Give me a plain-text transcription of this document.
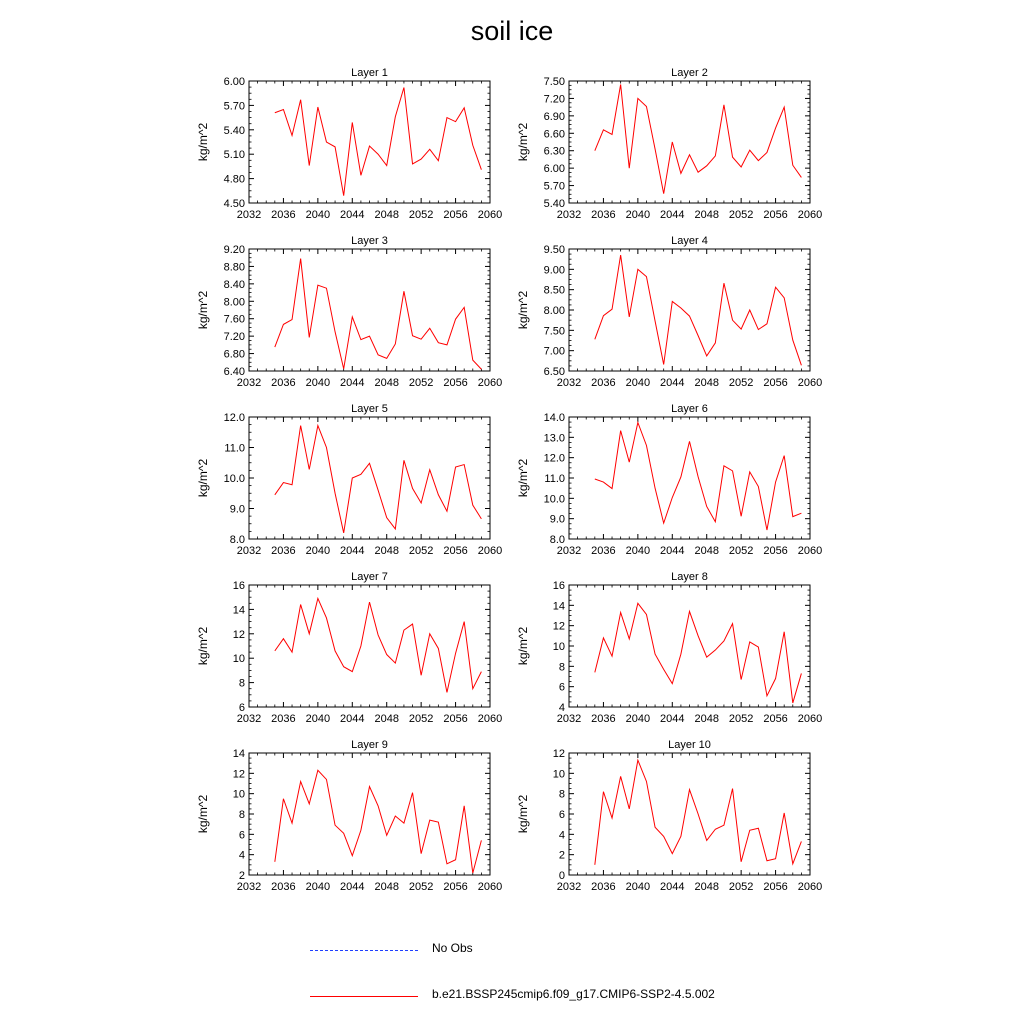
soil ice
Layer 1
2032 2036 2040 2044 2048 2052 2056 2060
4.50
4.80
5.10
5.40
5.70
6.00
kg/m^2
Layer 2
2032 2036 2040 2044 2048 2052 2056 2060
5.40
5.70
6.00
6.30
6.60
6.90
7.20
7.50
kg/m^2
Layer 3
2032 2036 2040 2044 2048 2052 2056 2060
6.40
6.80
7.20
7.60
8.00
8.40
8.80
9.20
kg/m^2
Layer 4
2032 2036 2040 2044 2048 2052 2056 2060
6.50
7.00
7.50
8.00
8.50
9.00
9.50
kg/m^2
Layer 5
2032 2036 2040 2044 2048 2052 2056 2060
8.0
9.0
10.0
11.0
12.0
kg/m^2
Layer 6
2032 2036 2040 2044 2048 2052 2056 2060
8.0
9.0
10.0
11.0
12.0
13.0
14.0
kg/m^2
Layer 7
2032 2036 2040 2044 2048 2052 2056 2060
6
8
10
12
14
16
kg/m^2
Layer 8
2032 2036 2040 2044 2048 2052 2056 2060
4
6
8
10
12
14
16
kg/m^2
Layer 9
2032 2036 2040 2044 2048 2052 2056 2060
2
4
6
8
10
12
14
kg/m^2
Layer 10
2032 2036 2040 2044 2048 2052 2056 2060
0
2
4
6
8
10
12
kg/m^2
No Obs
b.e21.BSSP245cmip6.f09_g17.CMIP6-SSP2-4.5.002
